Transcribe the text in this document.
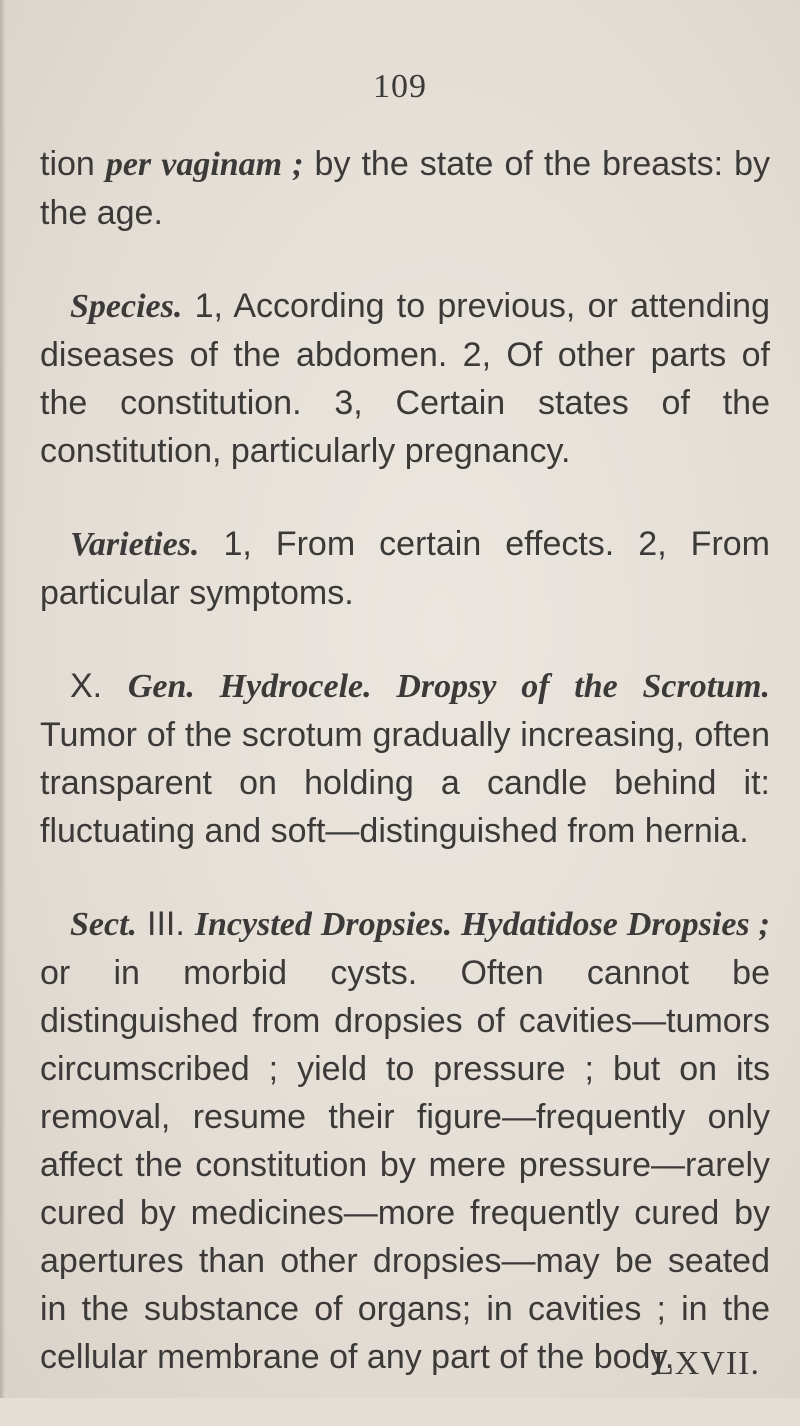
109

tion per vaginam ; by the state of the breasts: by the age.

Species. 1, According to previous, or attending diseases of the abdomen. 2, Of other parts of the constitution. 3, Certain states of the constitution, particularly pregnancy.

Varieties. 1, From certain effects. 2, From particular symptoms.

X. Gen. Hydrocele. Dropsy of the Scrotum. Tumor of the scrotum gradually increasing, often transparent on holding a candle behind it: fluctuating and soft—distinguished from hernia.

Sect. III. Incysted Dropsies. Hydatidose Dropsies ; or in morbid cysts. Often cannot be distinguished from dropsies of cavities—tumors circumscribed ; yield to pressure ; but on its removal, resume their figure—frequently only affect the constitution by mere pressure—rarely cured by medicines—more frequently cured by apertures than other dropsies—may be seated in the substance of organs; in cavities ; in the cellular membrane of any part of the body.

LXVII.
